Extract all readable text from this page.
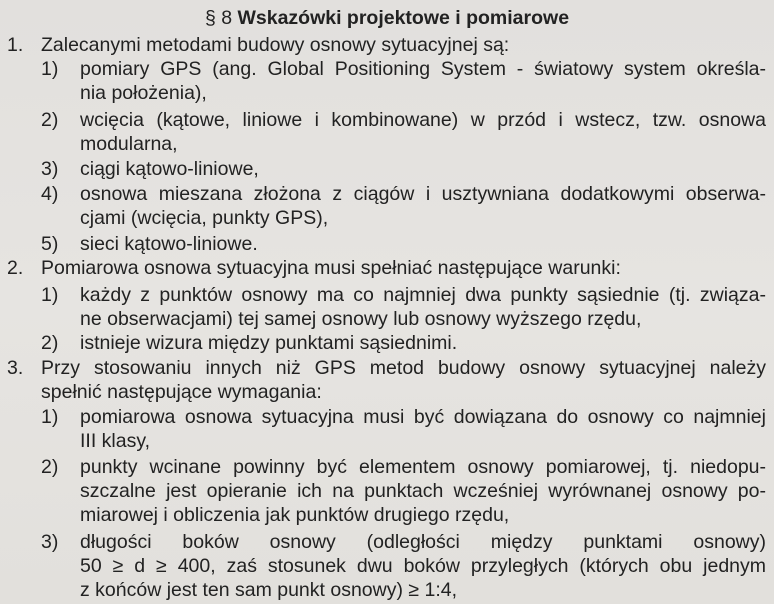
§ 8 Wskazówki projektowe i pomiarowe
1. Zalecanymi metodami budowy osnowy sytuacyjnej są:
1) pomiary GPS (ang. Global Positioning System - światowy system określa-
nia położenia),
2) wcięcia (kątowe, liniowe i kombinowane) w przód i wstecz, tzw. osnowa
modularna,
3) ciągi kątowo-liniowe,
4) osnowa mieszana złożona z ciągów i usztywniana dodatkowymi obserwa-
cjami (wcięcia, punkty GPS),
5) sieci kątowo-liniowe.
2. Pomiarowa osnowa sytuacyjna musi spełniać następujące warunki:
1) każdy z punktów osnowy ma co najmniej dwa punkty sąsiednie (tj. związa-
ne obserwacjami) tej samej osnowy lub osnowy wyższego rzędu,
2) istnieje wizura między punktami sąsiednimi.
3. Przy stosowaniu innych niż GPS metod budowy osnowy sytuacyjnej należy
spełnić następujące wymagania:
1) pomiarowa osnowa sytuacyjna musi być dowiązana do osnowy co najmniej
III klasy,
2) punkty wcinane powinny być elementem osnowy pomiarowej, tj. niedopu-
szczalne jest opieranie ich na punktach wcześniej wyrównanej osnowy po-
miarowej i obliczenia jak punktów drugiego rzędu,
3) długości boków osnowy (odległości między punktami osnowy)
50 ≥ d ≥ 400, zaś stosunek dwu boków przyległych (których obu jednym
z końców jest ten sam punkt osnowy) ≥ 1:4,
